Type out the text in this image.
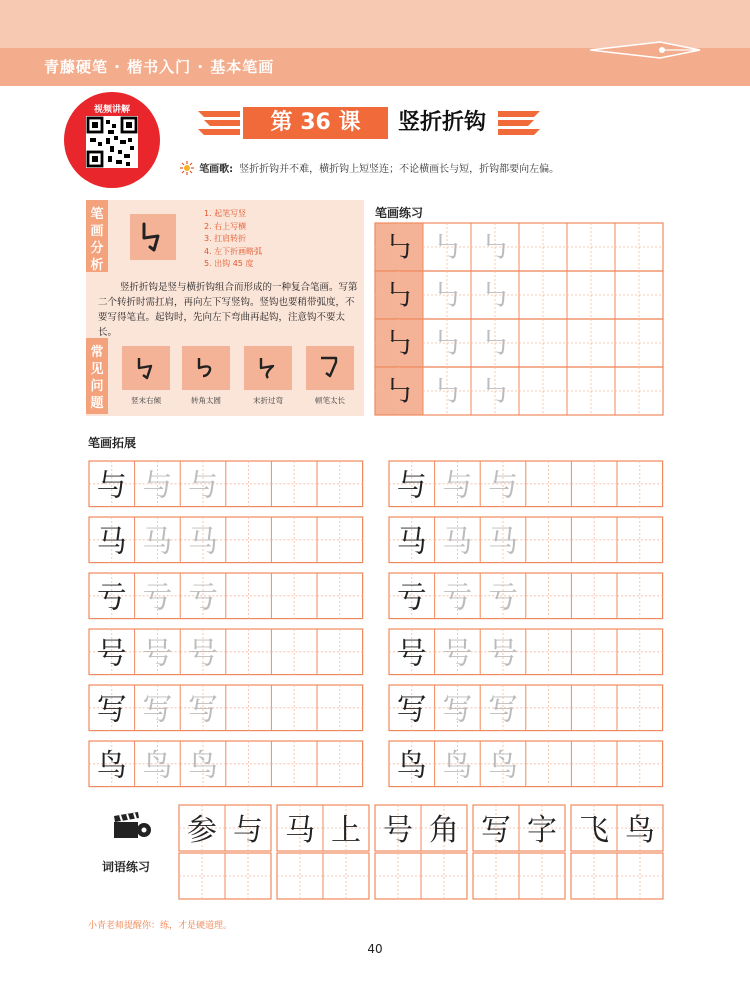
青藤硬笔 · 楷书入门 · 基本笔画
视频讲解	第 36 课	竖折折钩
笔画歌: 竖折折钩并不难，横折钩上短竖连；不论横画长与短，折钩都要向左偏。
笔画分析
1. 起笔写竖
2. 右上写横
3. 扛肩转折
4. 左下折画略弧
5. 出钩 45 度

竖折折钩是竖与横折钩组合而形成的一种复合笔画。写第二个转折时需扛肩，再向左下写竖钩。竖钩也要稍带弧度，不要写得笔直。起钩时，先向左下弯曲再起钩，注意钩不要太长。

常见问题	竖末右倾	转角太圆	末折过弯	顿笔太长
笔画练习
㇉ ㇉ ㇉
㇉ ㇉ ㇉
㇉ ㇉ ㇉
㇉ ㇉ ㇉
笔画拓展
与 与 与
马 马 马
亏 亏 亏
号 号 号
写 写 写
鸟 鸟 鸟
与 与 与
马 马 马
亏 亏 亏
号 号 号
写 写 写
鸟 鸟 鸟
词语练习
参 与 马 上 号 角 写 字 飞 鸟
小青老师提醒你：练，才是硬道理。
40
